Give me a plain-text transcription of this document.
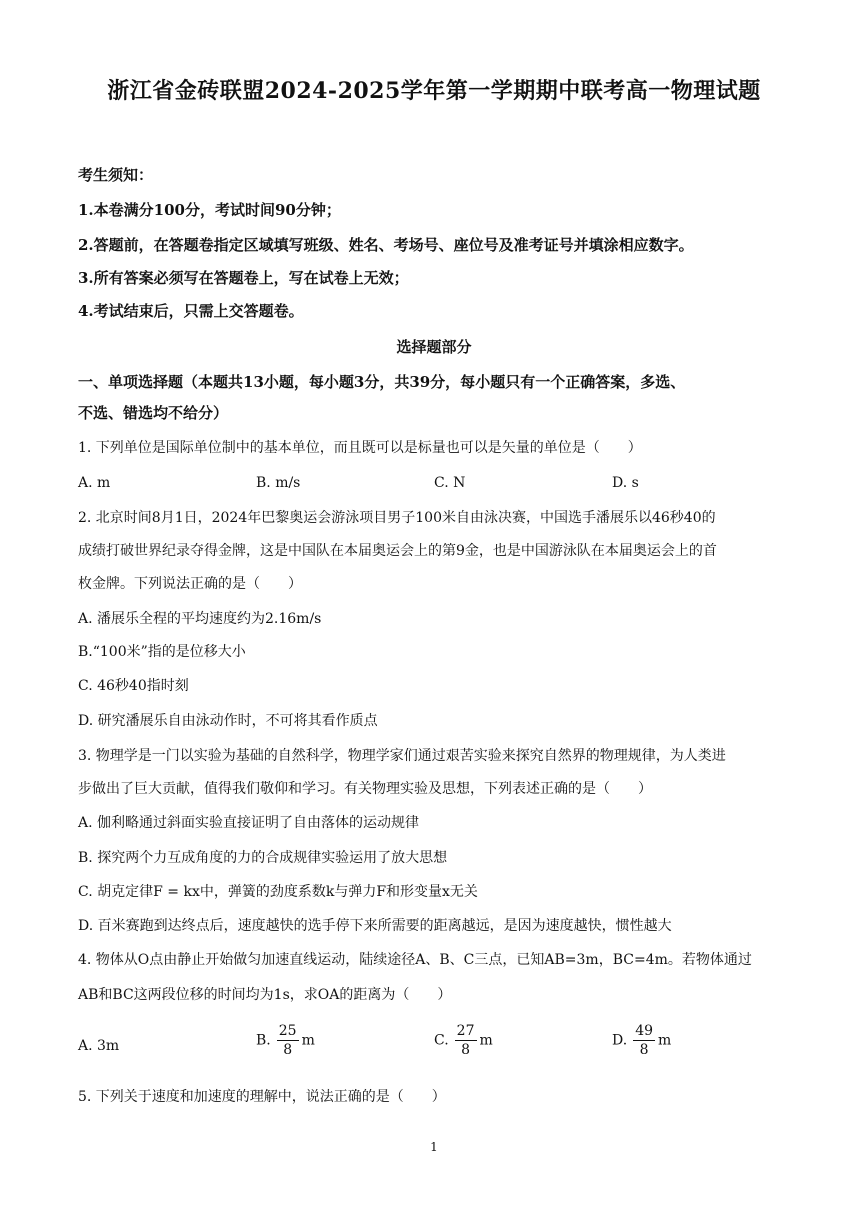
浙江省金砖联盟2024-2025学年第一学期期中联考高一物理试题
考生须知：
1.本卷满分100分，考试时间90分钟；
2.答题前，在答题卷指定区域填写班级、姓名、考场号、座位号及准考证号并填涂相应数字。
3.所有答案必须写在答题卷上，写在试卷上无效；
4.考试结束后，只需上交答题卷。
选择题部分
一、单项选择题（本题共13小题，每小题3分，共39分，每小题只有一个正确答案，多选、
不选、错选均不给分）
1. 下列单位是国际单位制中的基本单位，而且既可以是标量也可以是矢量的单位是（　　）
A. m	B. m/s	C. N	D. s
2. 北京时间8月1日，2024年巴黎奥运会游泳项目男子100米自由泳决赛，中国选手潘展乐以46秒40的
成绩打破世界纪录夺得金牌，这是中国队在本届奥运会上的第9金，也是中国游泳队在本届奥运会上的首
枚金牌。下列说法正确的是（　　）
A. 潘展乐全程的平均速度约为2.16m/s
B.“100米”指的是位移大小
C. 46秒40指时刻
D. 研究潘展乐自由泳动作时，不可将其看作质点
3. 物理学是一门以实验为基础的自然科学，物理学家们通过艰苦实验来探究自然界的物理规律，为人类进
步做出了巨大贡献，值得我们敬仰和学习。有关物理实验及思想，下列表述正确的是（　　）
A. 伽利略通过斜面实验直接证明了自由落体的运动规律
B. 探究两个力互成角度的力的合成规律实验运用了放大思想
C. 胡克定律F = kx中，弹簧的劲度系数k与弹力F和形变量x无关
D. 百米赛跑到达终点后，速度越快的选手停下来所需要的距离越远，是因为速度越快，惯性越大
4. 物体从O点由静止开始做匀加速直线运动，陆续途径A、B、C三点，已知AB=3m，BC=4m。若物体通过
AB和BC这两段位移的时间均为1s，求OA的距离为（　　）
A. 3m	B. $\frac{25}{8}$ m	C. $\frac{27}{8}$ m	D. $\frac{49}{8}$ m
5. 下列关于速度和加速度的理解中，说法正确的是（　　）
1
